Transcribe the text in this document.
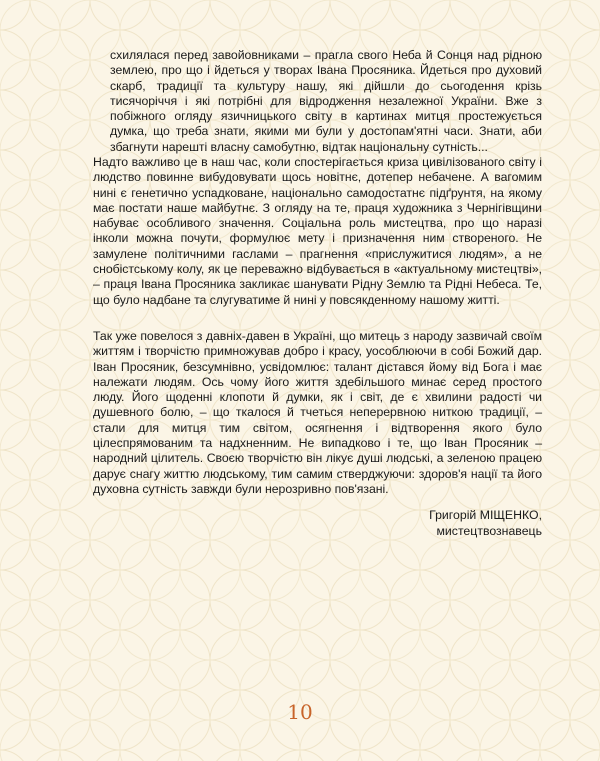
схилялася перед завойовниками – прагла свого Неба й Сонця над рідною землею, про що і йдеться у творах Івана Просяника. Йдеться про духовий скарб, традиції та культуру нашу, які дійшли до сьогодення крізь тисячоріччя і які потрібні для відродження незалежної України. Вже з побіжного огляду язичницького світу в картинах митця простежується думка, що треба знати, якими ми були у достопам'ятні часи. Знати, аби збагнути нарешті власну самобутню, відтак національну сутність...

Надто важливо це в наш час, коли спостерігається криза цивілізованого світу і людство повинне вибудовувати щось новітнє, дотепер небачене. А вагомим нині є генетично успадковане, національно самодостатнє підґрунтя, на якому має постати наше майбутнє. З огляду на те, праця художника з Чернігівщини набуває особливого значення. Соціальна роль мистецтва, про що наразі інколи можна почути, формулює мету і призначення ним створеного. Не замулене політичними гаслами – прагнення «прислужитися людям», а не снобістському колу, як це переважно відбувається в «актуальному мистецтві», – праця Івана Просяника закликає шанувати Рідну Землю та Рідні Небеса. Те, що було надбане та слугуватиме й нині у повсякденному нашому житті.

Так уже повелося з давніх-давен в Україні, що митець з народу зазвичай своїм життям і творчістю примножував добро і красу, уособлюючи в собі Божий дар. Іван Просяник, безсумнівно, усвідомлює: талант дістався йому від Бога і має належати людям. Ось чому його життя здебільшого минає серед простого люду. Його щоденні клопоти й думки, як і світ, де є хвилини радості чи душевного болю, – що ткалося й тчеться неперервною ниткою традиції, – стали для митця тим світом, осягнення і відтворення якого було цілеспрямованим та надхненним. Не випадково і те, що Іван Просяник – народний цілитель. Своєю творчістю він лікує душі людські, а зеленою працею дарує снагу життю людському, тим самим стверджуючи: здоров'я нації та його духовна сутність завжди були нерозривно пов'язані.

Григорій МІЩЕНКО,
мистецтвознавець
10
